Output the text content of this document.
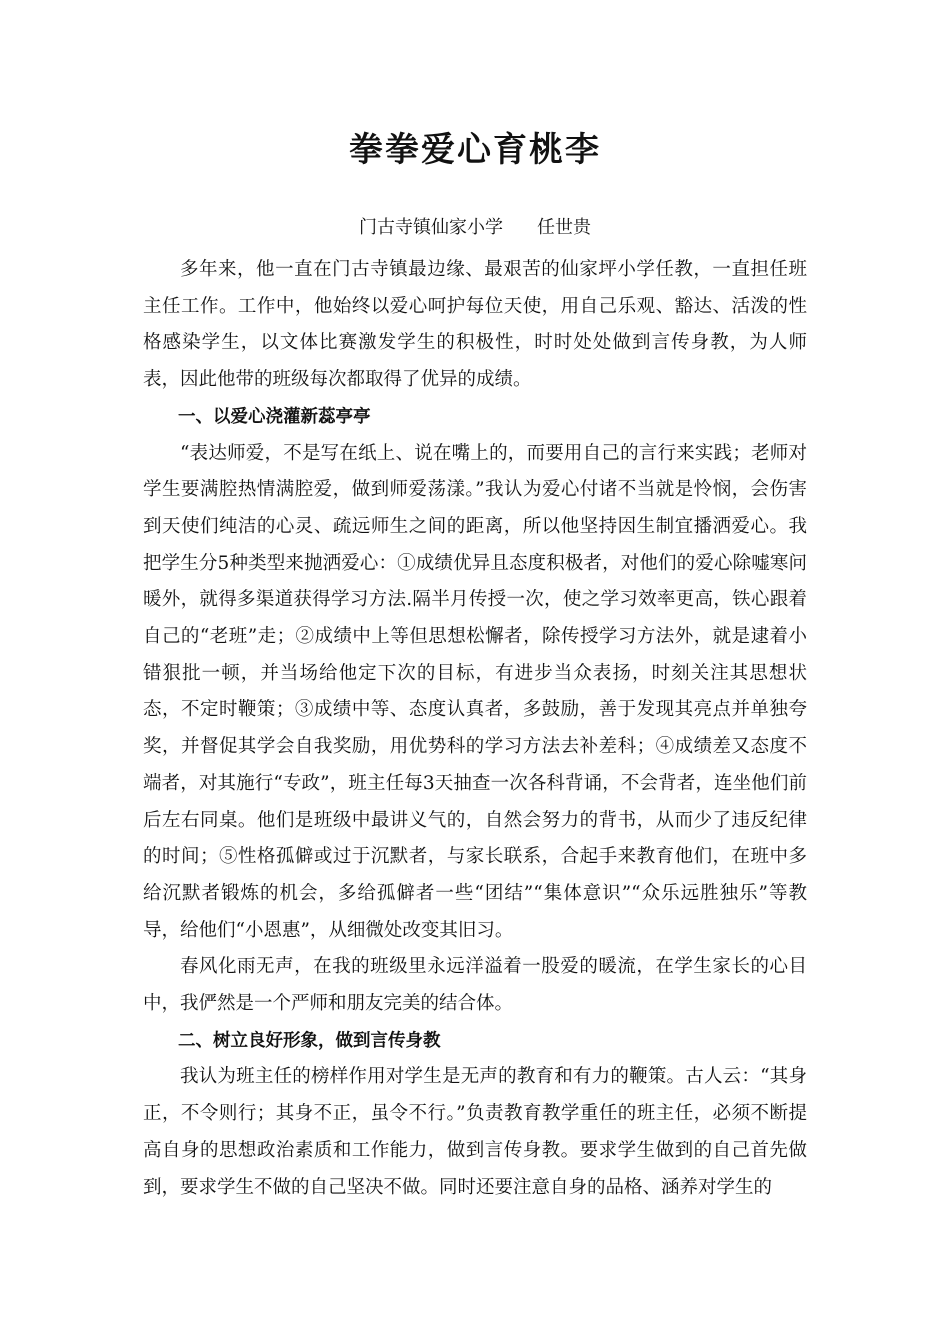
拳拳爱心育桃李
门古寺镇仙家小学 任世贵

多年来，他一直在门古寺镇最边缘、最艰苦的仙家坪小学任教，一直担任班主任工作。工作中，他始终以爱心呵护每位天使，用自己乐观、豁达、活泼的性格感染学生，以文体比赛激发学生的积极性，时时处处做到言传身教，为人师表，因此他带的班级每次都取得了优异的成绩。

一、以爱心浇灌新蕊亭亭

“表达师爱，不是写在纸上、说在嘴上的，而要用自己的言行来实践；老师对学生要满腔热情满腔爱，做到师爱荡漾。”我认为爱心付诸不当就是怜悯，会伤害到天使们纯洁的心灵、疏远师生之间的距离，所以他坚持因生制宜播洒爱心。我把学生分5种类型来抛洒爱心：①成绩优异且态度积极者，对他们的爱心除嘘寒问暖外，就得多渠道获得学习方法.隔半月传授一次，使之学习效率更高，铁心跟着自己的“老班”走；②成绩中上等但思想松懈者，除传授学习方法外，就是逮着小错狠批一顿，并当场给他定下次的目标，有进步当众表扬，时刻关注其思想状态，不定时鞭策；③成绩中等、态度认真者，多鼓励，善于发现其亮点并单独夸奖，并督促其学会自我奖励，用优势科的学习方法去补差科；④成绩差又态度不端者，对其施行“专政”，班主任每3天抽查一次各科背诵，不会背者，连坐他们前后左右同桌。他们是班级中最讲义气的，自然会努力的背书，从而少了违反纪律的时间；⑤性格孤僻或过于沉默者，与家长联系，合起手来教育他们，在班中多给沉默者锻炼的机会，多给孤僻者一些“团结”“集体意识”“众乐远胜独乐”等教导，给他们“小恩惠”，从细微处改变其旧习。

春风化雨无声，在我的班级里永远洋溢着一股爱的暖流，在学生家长的心目中，我俨然是一个严师和朋友完美的结合体。

二、树立良好形象，做到言传身教

我认为班主任的榜样作用对学生是无声的教育和有力的鞭策。古人云：“其身正，不令则行；其身不正，虽令不行。”负责教育教学重任的班主任，必须不断提高自身的思想政治素质和工作能力，做到言传身教。要求学生做到的自己首先做到，要求学生不做的自己坚决不做。同时还要注意自身的品格、涵养对学生的
